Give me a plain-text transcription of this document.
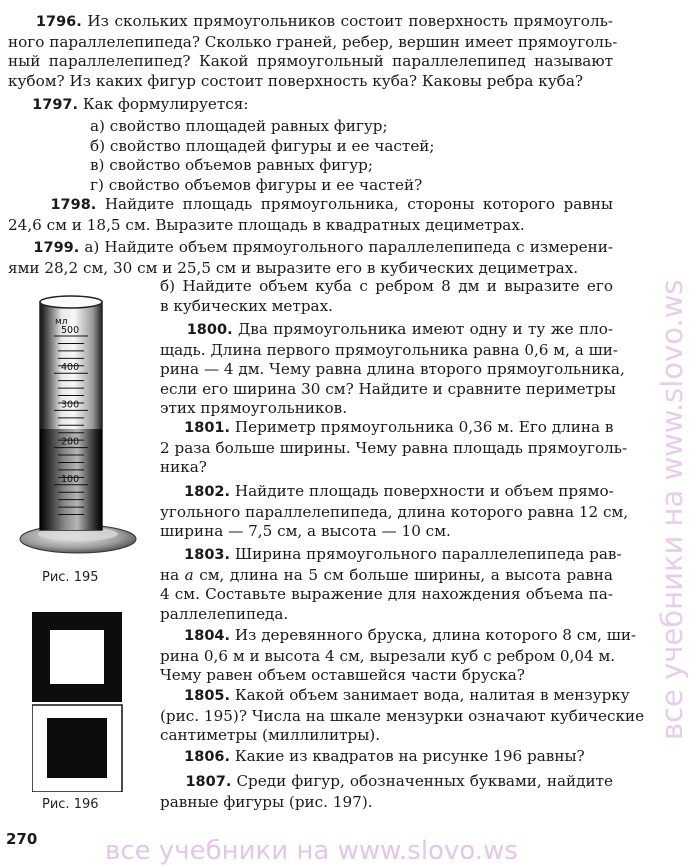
все учебники на www.slovo.ws
все учебники на www.slovo.ws
1796. Из скольких прямоугольников состоит поверхность прямоуголь-
ного параллелепипеда? Сколько граней, ребер, вершин имеет прямоуголь-
ный параллелепипед? Какой прямоугольный параллелепипед называют
кубом? Из каких фигур состоит поверхность куба? Каковы ребра куба?
1797. Как формулируется:
а) свойство площадей равных фигур;
б) свойство площадей фигуры и ее частей;
в) свойство объемов равных фигур;
г) свойство объемов фигуры и ее частей?
1798. Найдите площадь прямоугольника, стороны которого равны
24,6 см и 18,5 см. Выразите площадь в квадратных дециметрах.
1799. а) Найдите объем прямоугольного параллелепипеда с измерени-
ями 28,2 см, 30 см и 25,5 см и выразите его в кубических дециметрах.
б) Найдите объем куба с ребром 8 дм и выразите его
в кубических метрах.
1800. Два прямоугольника имеют одну и ту же пло-
щадь. Длина первого прямоугольника равна 0,6 м, а ши-
рина — 4 дм. Чему равна длина второго прямоугольника,
если его ширина 30 см? Найдите и сравните периметры
этих прямоугольников.
1801. Периметр прямоугольника 0,36 м. Его длина в
2 раза больше ширины. Чему равна площадь прямоуголь-
ника?
1802. Найдите площадь поверхности и объем прямо-
угольного параллелепипеда, длина которого равна 12 см,
ширина — 7,5 см, а высота — 10 см.
1803. Ширина прямоугольного параллелепипеда рав-
на а см, длина на 5 см больше ширины, а высота равна
4 см. Составьте выражение для нахождения объема па-
раллелепипеда.
1804. Из деревянного бруска, длина которого 8 см, ши-
рина 0,6 м и высота 4 см, вырезали куб с ребром 0,04 м.
Чему равен объем оставшейся части бруска?
1805. Какой объем занимает вода, налитая в мензурку
(рис. 195)? Числа на шкале мензурки означают кубические
сантиметры (миллилитры).
1806. Какие из квадратов на рисунке 196 равны?
1807. Среди фигур, обозначенных буквами, найдите
равные фигуры (рис. 197).
мл
500
400
300
200
100
Рис. 195
Рис. 196
270
